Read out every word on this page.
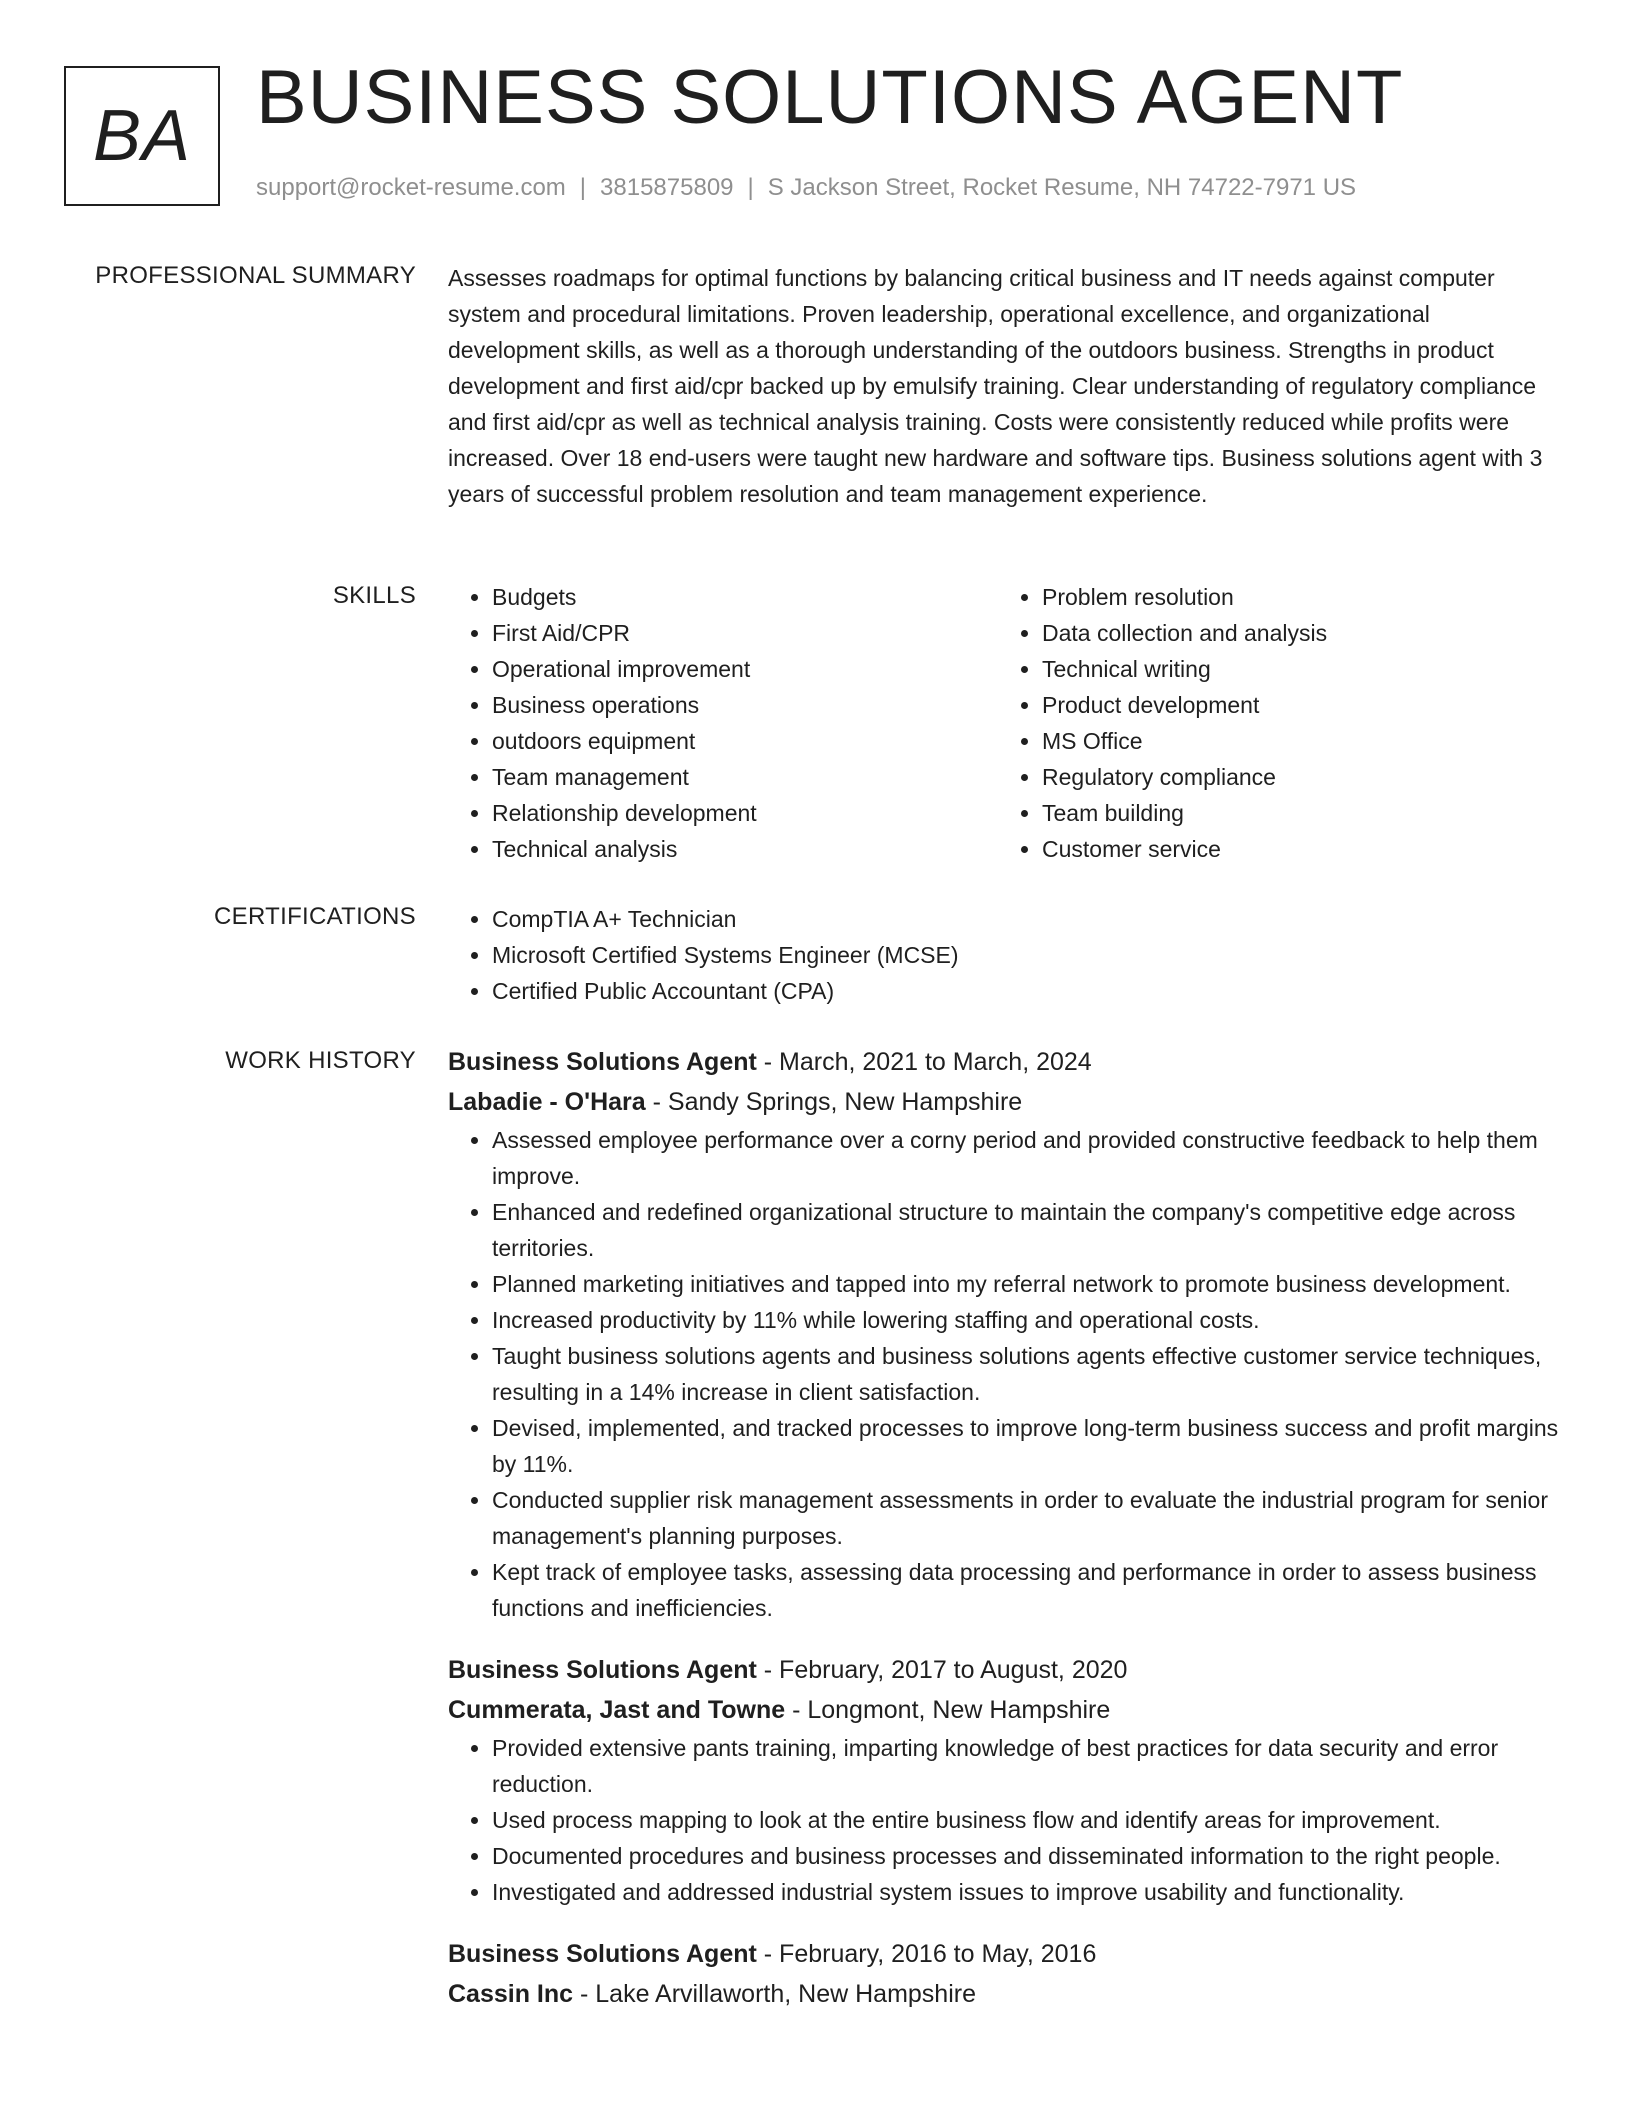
BA BUSINESS SOLUTIONS AGENT
support@rocket-resume.com | 3815875809 | S Jackson Street, Rocket Resume, NH 74722-7971 US
PROFESSIONAL SUMMARY Assesses roadmaps for optimal functions by balancing critical business and IT needs against computer system and procedural limitations. Proven leadership, operational excellence, and organizational development skills, as well as a thorough understanding of the outdoors business. Strengths in product development and first aid/cpr backed up by emulsify training. Clear understanding of regulatory compliance and first aid/cpr as well as technical analysis training. Costs were consistently reduced while profits were increased. Over 18 end-users were taught new hardware and software tips. Business solutions agent with 3 years of successful problem resolution and team management experience.

SKILLS	• Budgets
• First Aid/CPR
• Operational improvement
• Business operations
• outdoors equipment
• Team management
• Relationship development
• Technical analysis
• Problem resolution
• Data collection and analysis
• Technical writing
• Product development
• MS Office
• Regulatory compliance
• Team building
• Customer service
CERTIFICATIONS	• CompTIA A+ Technician
• Microsoft Certified Systems Engineer (MCSE)
• Certified Public Accountant (CPA)
WORK HISTORY Business Solutions Agent - March, 2021 to March, 2024
Labadie - O'Hara - Sandy Springs, New Hampshire
• Assessed employee performance over a corny period and provided constructive feedback to help them improve.
• Enhanced and redefined organizational structure to maintain the company's competitive edge across territories.
• Planned marketing initiatives and tapped into my referral network to promote business development.
• Increased productivity by 11% while lowering staffing and operational costs.
• Taught business solutions agents and business solutions agents effective customer service techniques, resulting in a 14% increase in client satisfaction.
• Devised, implemented, and tracked processes to improve long-term business success and profit margins by 11%.
• Conducted supplier risk management assessments in order to evaluate the industrial program for senior management's planning purposes.
• Kept track of employee tasks, assessing data processing and performance in order to assess business functions and inefficiencies.
Business Solutions Agent - February, 2017 to August, 2020
Cummerata, Jast and Towne - Longmont, New Hampshire
• Provided extensive pants training, imparting knowledge of best practices for data security and error reduction.
• Used process mapping to look at the entire business flow and identify areas for improvement.
• Documented procedures and business processes and disseminated information to the right people.
• Investigated and addressed industrial system issues to improve usability and functionality.
Business Solutions Agent - February, 2016 to May, 2016
Cassin Inc - Lake Arvillaworth, New Hampshire
